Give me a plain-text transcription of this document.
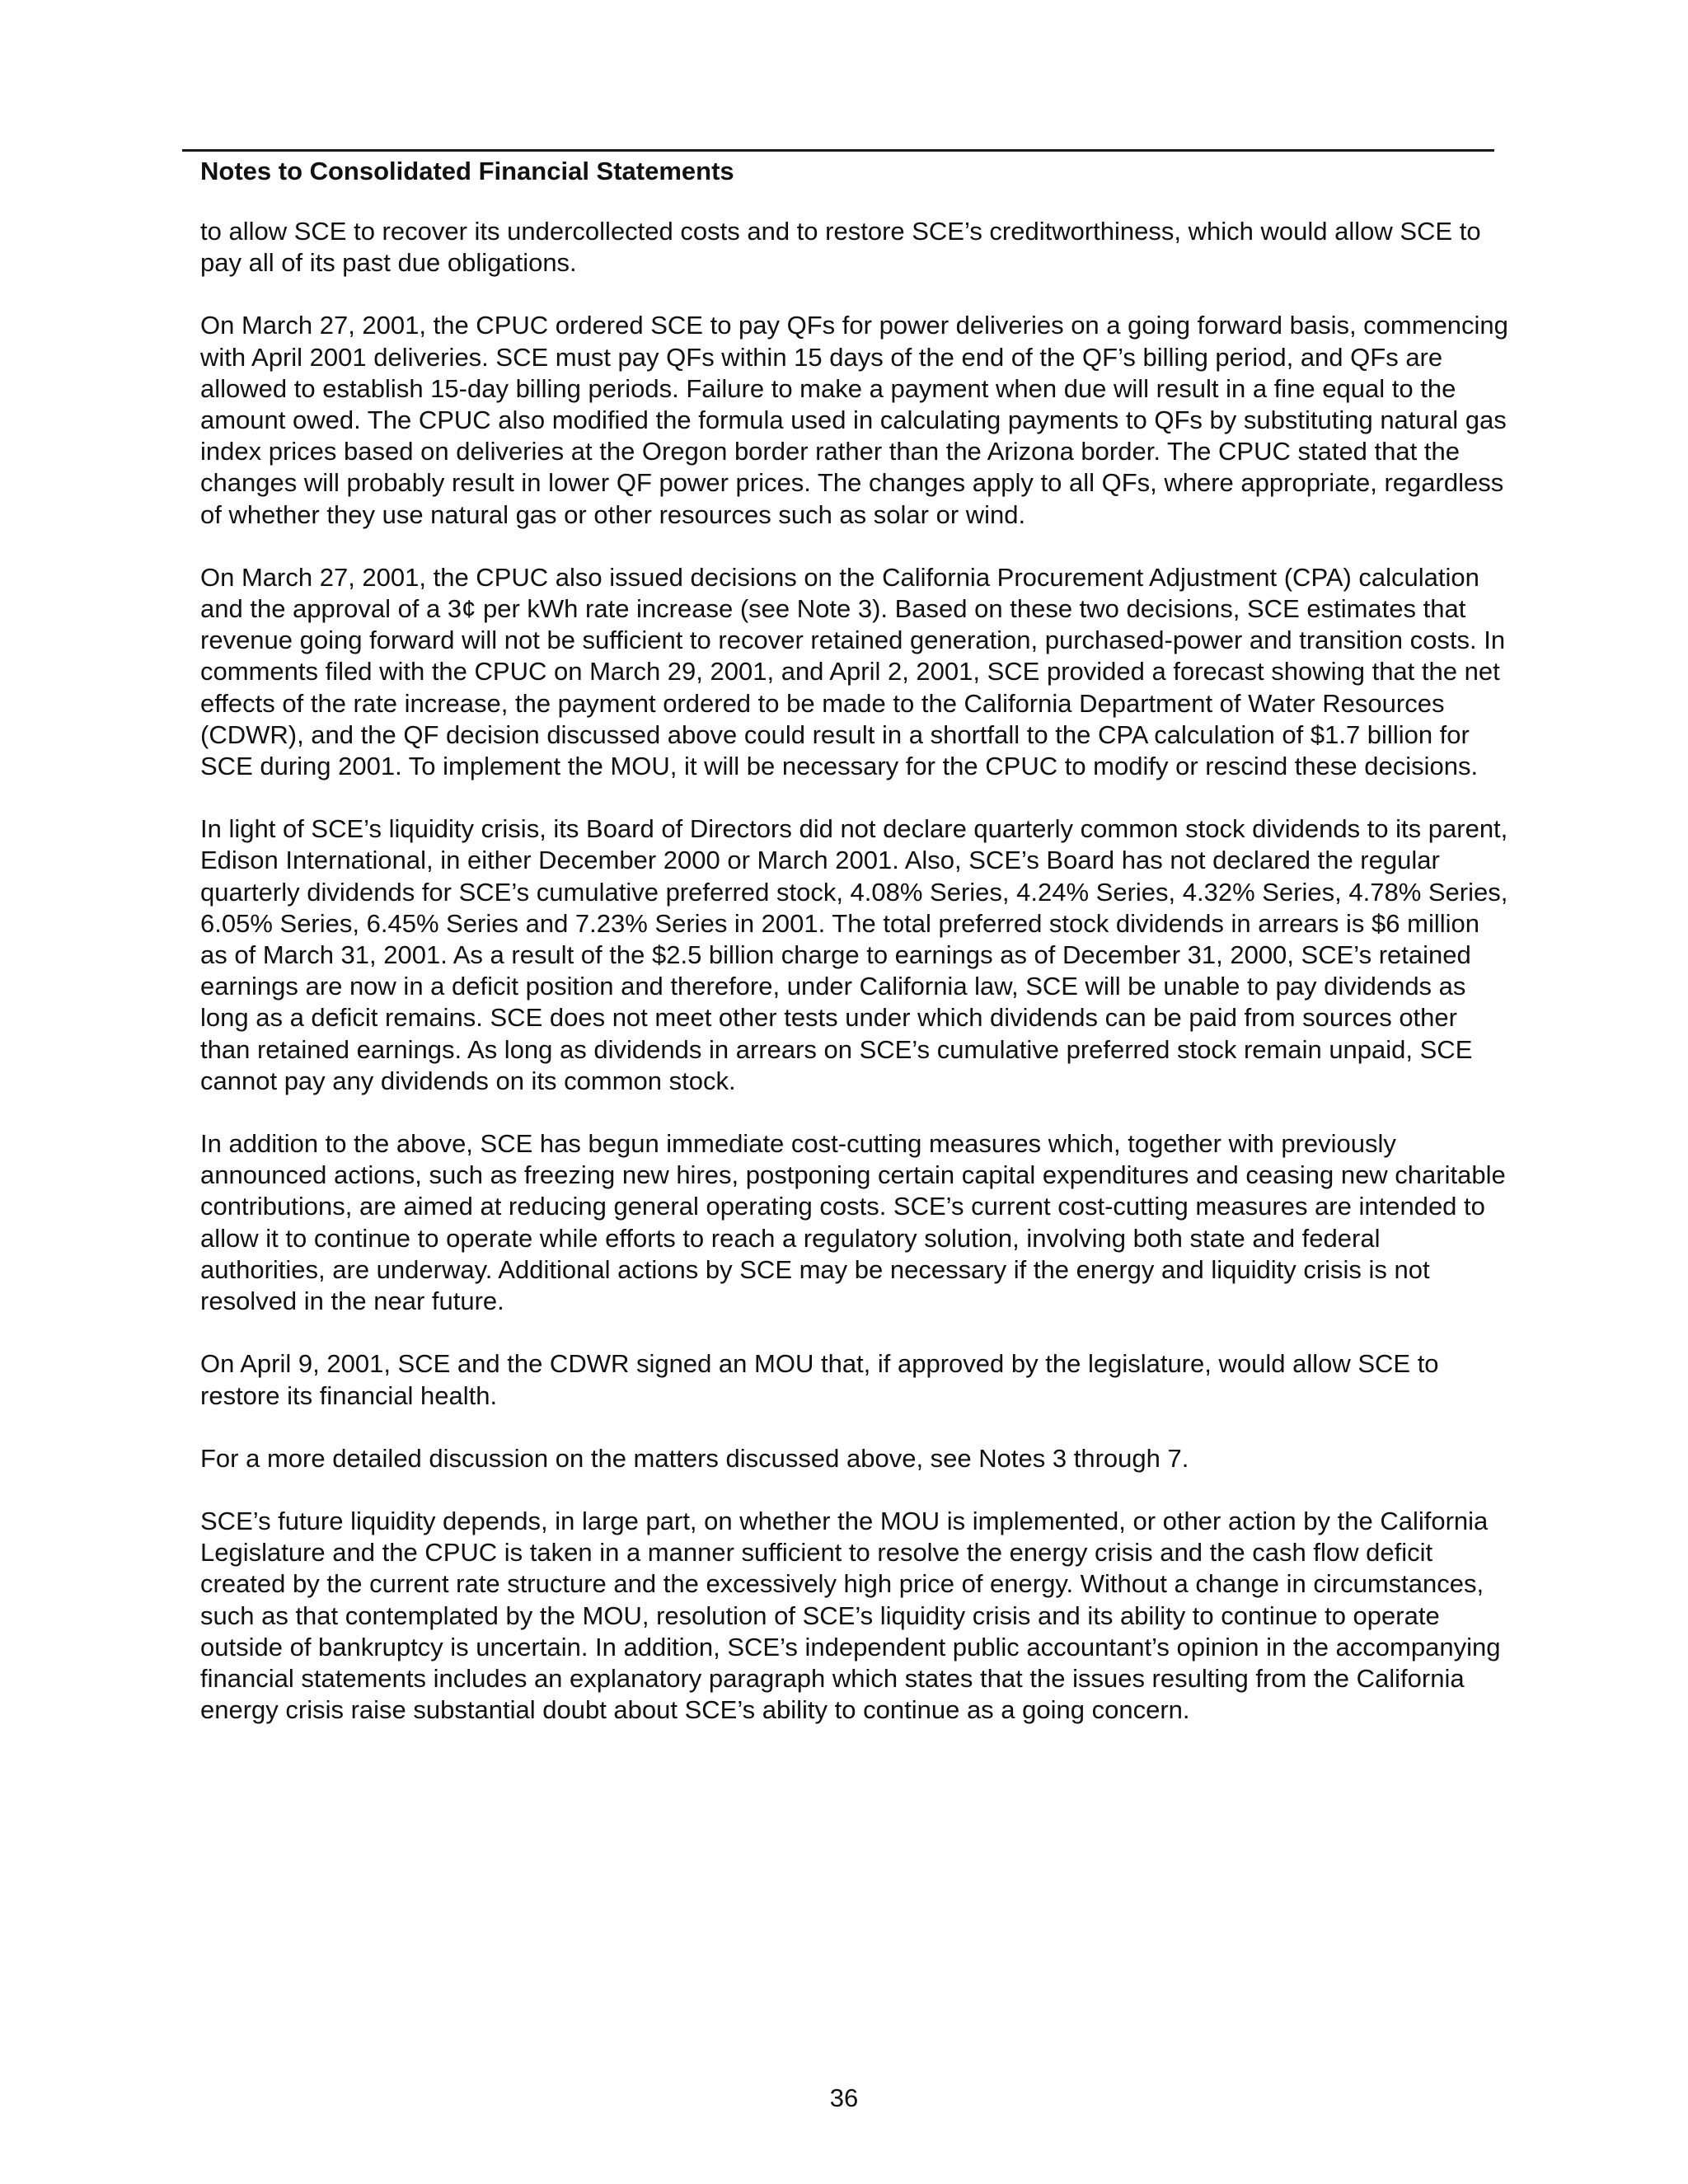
Notes to Consolidated Financial Statements

to allow SCE to recover its undercollected costs and to restore SCE’s creditworthiness, which would allow SCE to pay all of its past due obligations.

On March 27, 2001, the CPUC ordered SCE to pay QFs for power deliveries on a going forward basis, commencing with April 2001 deliveries. SCE must pay QFs within 15 days of the end of the QF’s billing period, and QFs are allowed to establish 15-day billing periods. Failure to make a payment when due will result in a fine equal to the amount owed. The CPUC also modified the formula used in calculating payments to QFs by substituting natural gas index prices based on deliveries at the Oregon border rather than the Arizona border. The CPUC stated that the changes will probably result in lower QF power prices. The changes apply to all QFs, where appropriate, regardless of whether they use natural gas or other resources such as solar or wind.

On March 27, 2001, the CPUC also issued decisions on the California Procurement Adjustment (CPA) calculation and the approval of a 3¢ per kWh rate increase (see Note 3). Based on these two decisions, SCE estimates that revenue going forward will not be sufficient to recover retained generation, purchased-power and transition costs. In comments filed with the CPUC on March 29, 2001, and April 2, 2001, SCE provided a forecast showing that the net effects of the rate increase, the payment ordered to be made to the California Department of Water Resources (CDWR), and the QF decision discussed above could result in a shortfall to the CPA calculation of $1.7 billion for SCE during 2001. To implement the MOU, it will be necessary for the CPUC to modify or rescind these decisions.

In light of SCE’s liquidity crisis, its Board of Directors did not declare quarterly common stock dividends to its parent, Edison International, in either December 2000 or March 2001. Also, SCE’s Board has not declared the regular quarterly dividends for SCE’s cumulative preferred stock, 4.08% Series, 4.24% Series, 4.32% Series, 4.78% Series, 6.05% Series, 6.45% Series and 7.23% Series in 2001. The total preferred stock dividends in arrears is $6 million as of March 31, 2001. As a result of the $2.5 billion charge to earnings as of December 31, 2000, SCE’s retained earnings are now in a deficit position and therefore, under California law, SCE will be unable to pay dividends as long as a deficit remains. SCE does not meet other tests under which dividends can be paid from sources other than retained earnings. As long as dividends in arrears on SCE’s cumulative preferred stock remain unpaid, SCE cannot pay any dividends on its common stock.

In addition to the above, SCE has begun immediate cost-cutting measures which, together with previously announced actions, such as freezing new hires, postponing certain capital expenditures and ceasing new charitable contributions, are aimed at reducing general operating costs. SCE’s current cost-cutting measures are intended to allow it to continue to operate while efforts to reach a regulatory solution, involving both state and federal authorities, are underway. Additional actions by SCE may be necessary if the energy and liquidity crisis is not resolved in the near future.

On April 9, 2001, SCE and the CDWR signed an MOU that, if approved by the legislature, would allow SCE to restore its financial health.

For a more detailed discussion on the matters discussed above, see Notes 3 through 7.

SCE’s future liquidity depends, in large part, on whether the MOU is implemented, or other action by the California Legislature and the CPUC is taken in a manner sufficient to resolve the energy crisis and the cash flow deficit created by the current rate structure and the excessively high price of energy. Without a change in circumstances, such as that contemplated by the MOU, resolution of SCE’s liquidity crisis and its ability to continue to operate outside of bankruptcy is uncertain. In addition, SCE’s independent public accountant’s opinion in the accompanying financial statements includes an explanatory paragraph which states that the issues resulting from the California energy crisis raise substantial doubt about SCE’s ability to continue as a going concern.

36
